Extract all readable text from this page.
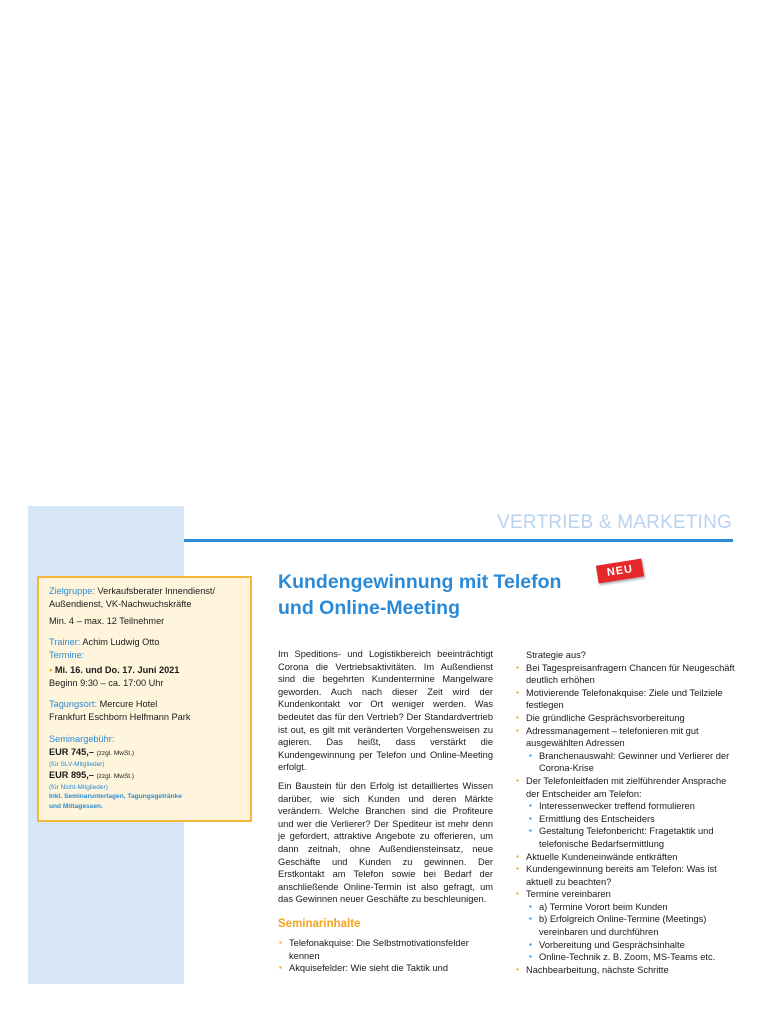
VERTRIEB & MARKETING

Zielgruppe: Verkaufsberater Innendienst/

Außendienst, VK-Nachwuchskräfte

Min. 4 – max. 12 Teilnehmer

Trainer: Achim Ludwig Otto

Termine:

▪ Mi. 16. und Do. 17. Juni 2021

Beginn 9:30 – ca. 17:00 Uhr

Tagungsort: Mercure Hotel

Frankfurt Eschborn Helfmann Park

Seminargebühr:

EUR 745,– (zzgl. MwSt.)

(für SLV-Mitglieder)

EUR 895,– (zzgl. MwSt.)

(für Nicht-Mitglieder)

Inkl. Seminarunterlagen, Tagungsgetränke
und Mittagessen.

NEU
Kundengewinnung mit Telefon
und Online-Meeting

Im Speditions- und Logistikbereich beeinträchtigt Corona die Vertriebsaktivitäten. Im Außendienst sind die begehrten Kundentermine Mangelware geworden. Auch nach dieser Zeit wird der Kundenkontakt vor Ort weniger werden. Was bedeutet das für den Vertrieb? Der Standardvertrieb ist out, es gilt mit veränderten Vorgehensweisen zu agieren. Das heißt, dass verstärkt die Kundengewinnung per Telefon und Online-Meeting erfolgt.

Ein Baustein für den Erfolg ist detailliertes Wissen darüber, wie sich Kunden und deren Märkte verändern. Welche Branchen sind die Profiteure und wer die Verlierer? Der Spediteur ist mehr denn je gefordert, attraktive Angebote zu offerieren, um dann zeitnah, ohne Außendiensteinsatz, neue Geschäfte und Kunden zu gewinnen. Der Erstkontakt am Telefon sowie bei Bedarf der anschließende Online-Termin ist also gefragt, um das Gewinnen neuer Geschäfte zu beschleunigen.

Seminarinhalte
▪ Telefonakquise: Die Selbstmotivationsfelder kennen
▪ Akquisefelder: Wie sieht die Taktik und
Strategie aus?
▪ Bei Tagespreisanfragern Chancen für Neugeschäft deutlich erhöhen
▪ Motivierende Telefonakquise: Ziele und Teilziele festlegen
▪ Die gründliche Gesprächsvorbereitung
▪ Adressmanagement – telefonieren mit gut ausgewählten Adressen
▪ Branchenauswahl: Gewinner und Verlierer der Corona-Krise
▪ Der Telefonleitfaden mit zielführender Ansprache der Entscheider am Telefon:
▪ Interessenwecker treffend formulieren
▪ Ermittlung des Entscheiders
▪ Gestaltung Telefonbericht: Fragetaktik und telefonische Bedarfsermittlung
▪ Aktuelle Kundeneinwände entkräften
▪ Kundengewinnung bereits am Telefon: Was ist aktuell zu beachten?
▪ Termine vereinbaren
▪ a) Termine Vorort beim Kunden
▪ b) Erfolgreich Online-Termine (Meetings) vereinbaren und durchführen
▪ Vorbereitung und Gesprächsinhalte
▪ Online-Technik z. B. Zoom, MS-Teams etc.
▪ Nachbearbeitung, nächste Schritte
